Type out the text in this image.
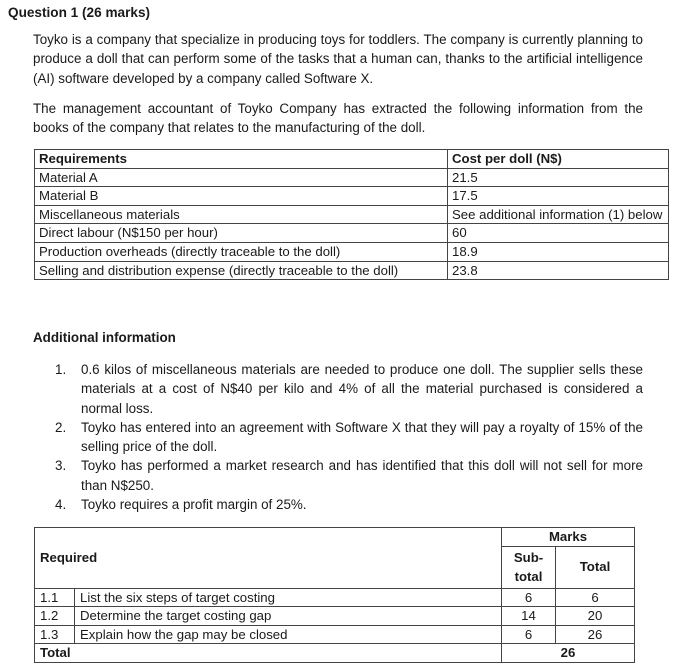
Question 1 (26 marks)

Toyko is a company that specialize in producing toys for toddlers. The company is currently planning to produce a doll that can perform some of the tasks that a human can, thanks to the artificial intelligence (AI) software developed by a company called Software X.

The management accountant of Toyko Company has extracted the following information from the books of the company that relates to the manufacturing of the doll.

Requirements	Cost per doll (N$)
Material A	21.5
Material B	17.5
Miscellaneous materials	See additional information (1) below
Direct labour (N$150 per hour)	60
Production overheads (directly traceable to the doll)	18.9
Selling and distribution expense (directly traceable to the doll)	23.8
Additional information
1. 0.6 kilos of miscellaneous materials are needed to produce one doll. The supplier sells these materials at a cost of N$40 per kilo and 4% of all the material purchased is considered a normal loss.
2. Toyko has entered into an agreement with Software X that they will pay a royalty of 15% of the selling price of the doll.
3. Toyko has performed a market research and has identified that this doll will not sell for more than N$250.
4. Toyko requires a profit margin of 25%.
Required		Marks	
		Sub-total	Total
1.1	List the six steps of target costing	6	6
1.2	Determine the target costing gap	14	20
1.3	Explain how the gap may be closed	6	26
Total		26	
